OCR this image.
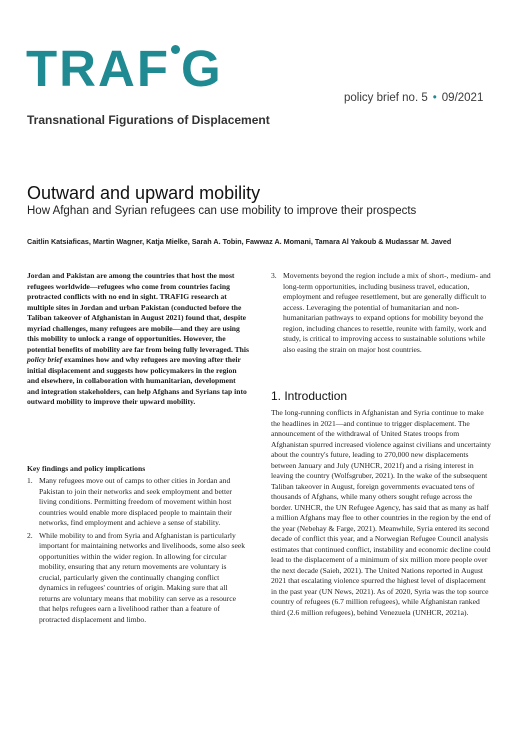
TRAF G
Transnational Figurations of Displacement
policy brief no. 5 • 09/2021
Outward and upward mobility
How Afghan and Syrian refugees can use mobility to improve their prospects
Caitlin Katsiaficas, Martin Wagner, Katja Mielke, Sarah A. Tobin, Fawwaz A. Momani, Tamara Al Yakoub & Mudassar M. Javed
Jordan and Pakistan are among the countries that host the most refugees worldwide—refugees who come from countries facing protracted conflicts with no end in sight. TRAFIG research at multiple sites in Jordan and urban Pakistan (conducted before the Taliban takeover of Afghanistan in August 2021) found that, despite myriad challenges, many refugees are mobile—and they are using this mobility to unlock a range of opportunities. However, the potential benefits of mobility are far from being fully leveraged. This policy brief examines how and why refugees are moving after their initial displacement and suggests how policymakers in the region and elsewhere, in collaboration with humanitarian, development and integration stakeholders, can help Afghans and Syrians tap into outward mobility to improve their upward mobility.
Key findings and policy implications
1. Many refugees move out of camps to other cities in Jordan and Pakistan to join their networks and seek employment and better living conditions. Permitting freedom of movement within host countries would enable more displaced people to maintain their networks, find employment and achieve a sense of stability.
2. While mobility to and from Syria and Afghanistan is particularly important for maintaining networks and livelihoods, some also seek opportunities within the wider region. In allowing for circular mobility, ensuring that any return movements are voluntary is crucial, particularly given the continually changing conflict dynamics in refugees' countries of origin. Making sure that all returns are voluntary means that mobility can serve as a resource that helps refugees earn a livelihood rather than a feature of protracted displacement and limbo.
3. Movements beyond the region include a mix of short-, medium- and long-term opportunities, including business travel, education, employment and refugee resettlement, but are generally difficult to access. Leveraging the potential of humanitarian and non-humanitarian pathways to expand options for mobility beyond the region, including chances to resettle, reunite with family, work and study, is critical to improving access to sustainable solutions while also easing the strain on major host countries.
1. Introduction
The long-running conflicts in Afghanistan and Syria continue to make the headlines in 2021—and continue to trigger displacement. The announcement of the withdrawal of United States troops from Afghanistan spurred increased violence against civilians and uncertainty about the country's future, leading to 270,000 new displacements between January and July (UNHCR, 2021f) and a rising interest in leaving the country (Wolfsgruber, 2021). In the wake of the subsequent Taliban takeover in August, foreign governments evacuated tens of thousands of Afghans, while many others sought refuge across the border. UNHCR, the UN Refugee Agency, has said that as many as half a million Afghans may flee to other countries in the region by the end of the year (Nebehay & Farge, 2021). Meanwhile, Syria entered its second decade of conflict this year, and a Norwegian Refugee Council analysis estimates that continued conflict, instability and economic decline could lead to the displacement of a minimum of six million more people over the next decade (Saieh, 2021). The United Nations reported in August 2021 that escalating violence spurred the highest level of displacement in the past year (UN News, 2021). As of 2020, Syria was the top source country of refugees (6.7 million refugees), while Afghanistan ranked third (2.6 million refugees), behind Venezuela (UNHCR, 2021a).
